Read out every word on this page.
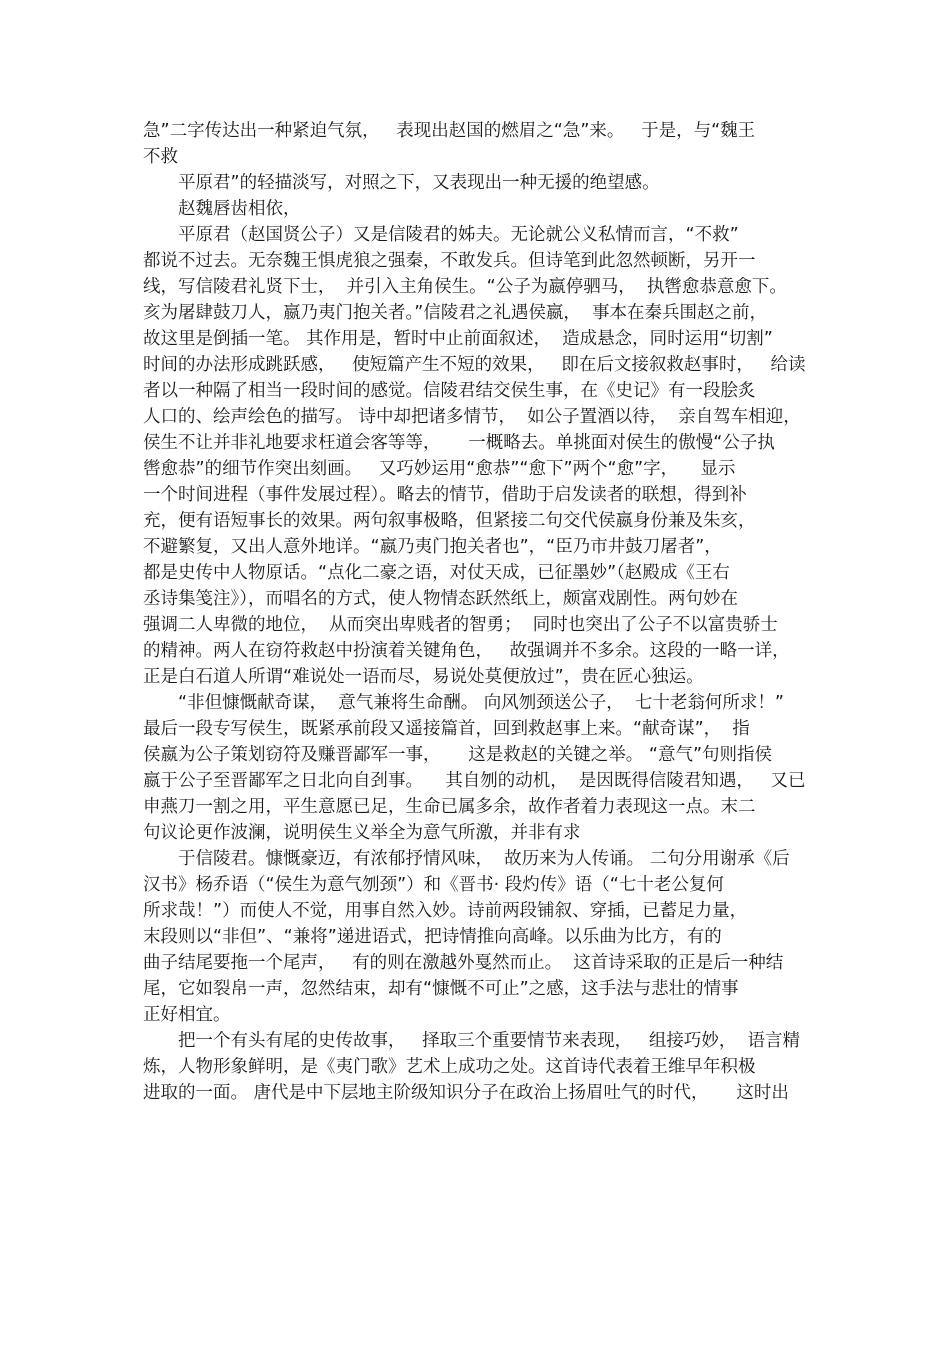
急”二字传达出一种紧迫气氛，   表现出赵国的燃眉之“急”来。   于是，与“魏王
不救
平原君”的轻描淡写，对照之下，又表现出一种无援的绝望感。
赵魏唇齿相依，
平原君（赵国贤公子）又是信陵君的姊夫。无论就公义私情而言，“不救”
都说不过去。无奈魏王惧虎狼之强秦，不敢发兵。但诗笔到此忽然顿断，另开一
线，写信陵君礼贤下士，  并引入主角侯生。“公子为嬴停驷马，  执辔愈恭意愈下。
亥为屠肆鼓刀人，嬴乃夷门抱关者。”信陵君之礼遇侯嬴，  事本在秦兵围赵之前，
故这里是倒插一笔。 其作用是，暂时中止前面叙述，  造成悬念，同时运用“切割”
时间的办法形成跳跃感，   使短篇产生不短的效果，   即在后文接叙救赵事时，   给读
者以一种隔了相当一段时间的感觉。信陵君结交侯生事，在《史记》有一段脍炙
人口的、绘声绘色的描写。 诗中却把诸多情节，  如公子置酒以待，  亲自驾车相迎，
侯生不让并非礼地要求枉道会客等等，     一概略去。单挑面对侯生的傲慢“公子执
辔愈恭”的细节作突出刻画。   又巧妙运用“愈恭”“愈下”两个“愈”字，    显示
一个时间进程（事件发展过程）。略去的情节，借助于启发读者的联想，得到补
充，便有语短事长的效果。两句叙事极略，但紧接二句交代侯嬴身份兼及朱亥，
不避繁复，又出人意外地详。“嬴乃夷门抱关者也”，“臣乃市井鼓刀屠者”，
都是史传中人物原话。“点化二豪之语，对仗天成，已征墨妙”（赵殿成《王右
丞诗集笺注》），而唱名的方式，使人物情态跃然纸上，颇富戏剧性。两句妙在
强调二人卑微的地位，  从而突出卑贱者的智勇；  同时也突出了公子不以富贵骄士
的精神。两人在窃符救赵中扮演着关键角色，   故强调并不多余。这段的一略一详，
正是白石道人所谓“难说处一语而尽，易说处莫便放过”，贵在匠心独运。
“非但慷慨献奇谋，  意气兼将生命酬。 向风刎颈送公子，  七十老翁何所求！”
最后一段专写侯生，既紧承前段又遥接篇首，回到救赵事上来。“献奇谋”，  指
侯嬴为公子策划窃符及赚晋鄙军一事，     这是救赵的关键之举。 “意气”句则指侯
嬴于公子至晋鄙军之日北向自刭事。    其自刎的动机，  是因既得信陵君知遇，   又已
申燕刀一割之用，平生意愿已足，生命已属多余，故作者着力表现这一点。末二
句议论更作波澜，说明侯生义举全为意气所激，并非有求
于信陵君。慷慨豪迈，有浓郁抒情风味，  故历来为人传诵。 二句分用谢承《后
汉书》杨乔语（“侯生为意气刎颈”）和《晋书· 段灼传》语（“七十老公复何
所求哉！”）而使人不觉，用事自然入妙。诗前两段铺叙、穿插，已蓄足力量，
末段则以“非但”、“兼将”递进语式，把诗情推向高峰。以乐曲为比方，有的
曲子结尾要拖一个尾声，   有的则在激越外戛然而止。  这首诗采取的正是后一种结
尾，它如裂帛一声，忽然结束，却有“慷慨不可止”之感，这手法与悲壮的情事
正好相宜。
把一个有头有尾的史传故事，   择取三个重要情节来表现，   组接巧妙，  语言精
炼，人物形象鲜明，是《夷门歌》艺术上成功之处。这首诗代表着王维早年积极
进取的一面。 唐代是中下层地主阶级知识分子在政治上扬眉吐气的时代，     这时出
